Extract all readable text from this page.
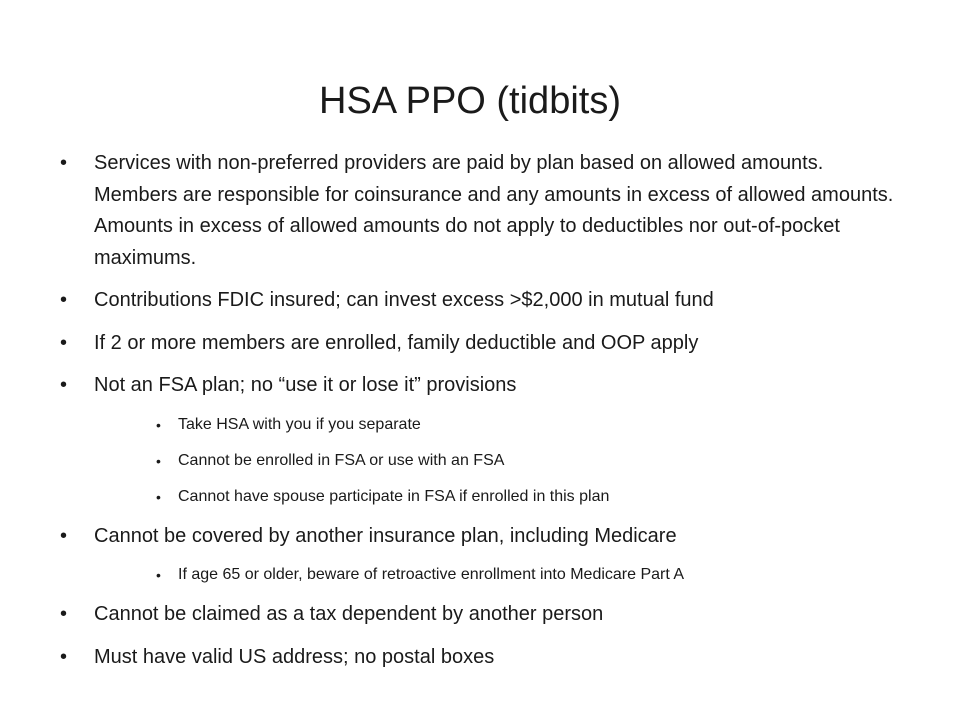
HSA PPO (tidbits)
• Services with non-preferred providers are paid by plan based on allowed amounts. Members are responsible for coinsurance and any amounts in excess of allowed amounts. Amounts in excess of allowed amounts do not apply to deductibles nor out-of-pocket maximums.
• Contributions FDIC insured; can invest excess >$2,000 in mutual fund
• If 2 or more members are enrolled, family deductible and OOP apply
• Not an FSA plan; no “use it or lose it” provisions
• Take HSA with you if you separate
• Cannot be enrolled in FSA or use with an FSA
• Cannot have spouse participate in FSA if enrolled in this plan
• Cannot be covered by another insurance plan, including Medicare
• If age 65 or older, beware of retroactive enrollment into Medicare Part A
• Cannot be claimed as a tax dependent by another person
• Must have valid US address; no postal boxes
